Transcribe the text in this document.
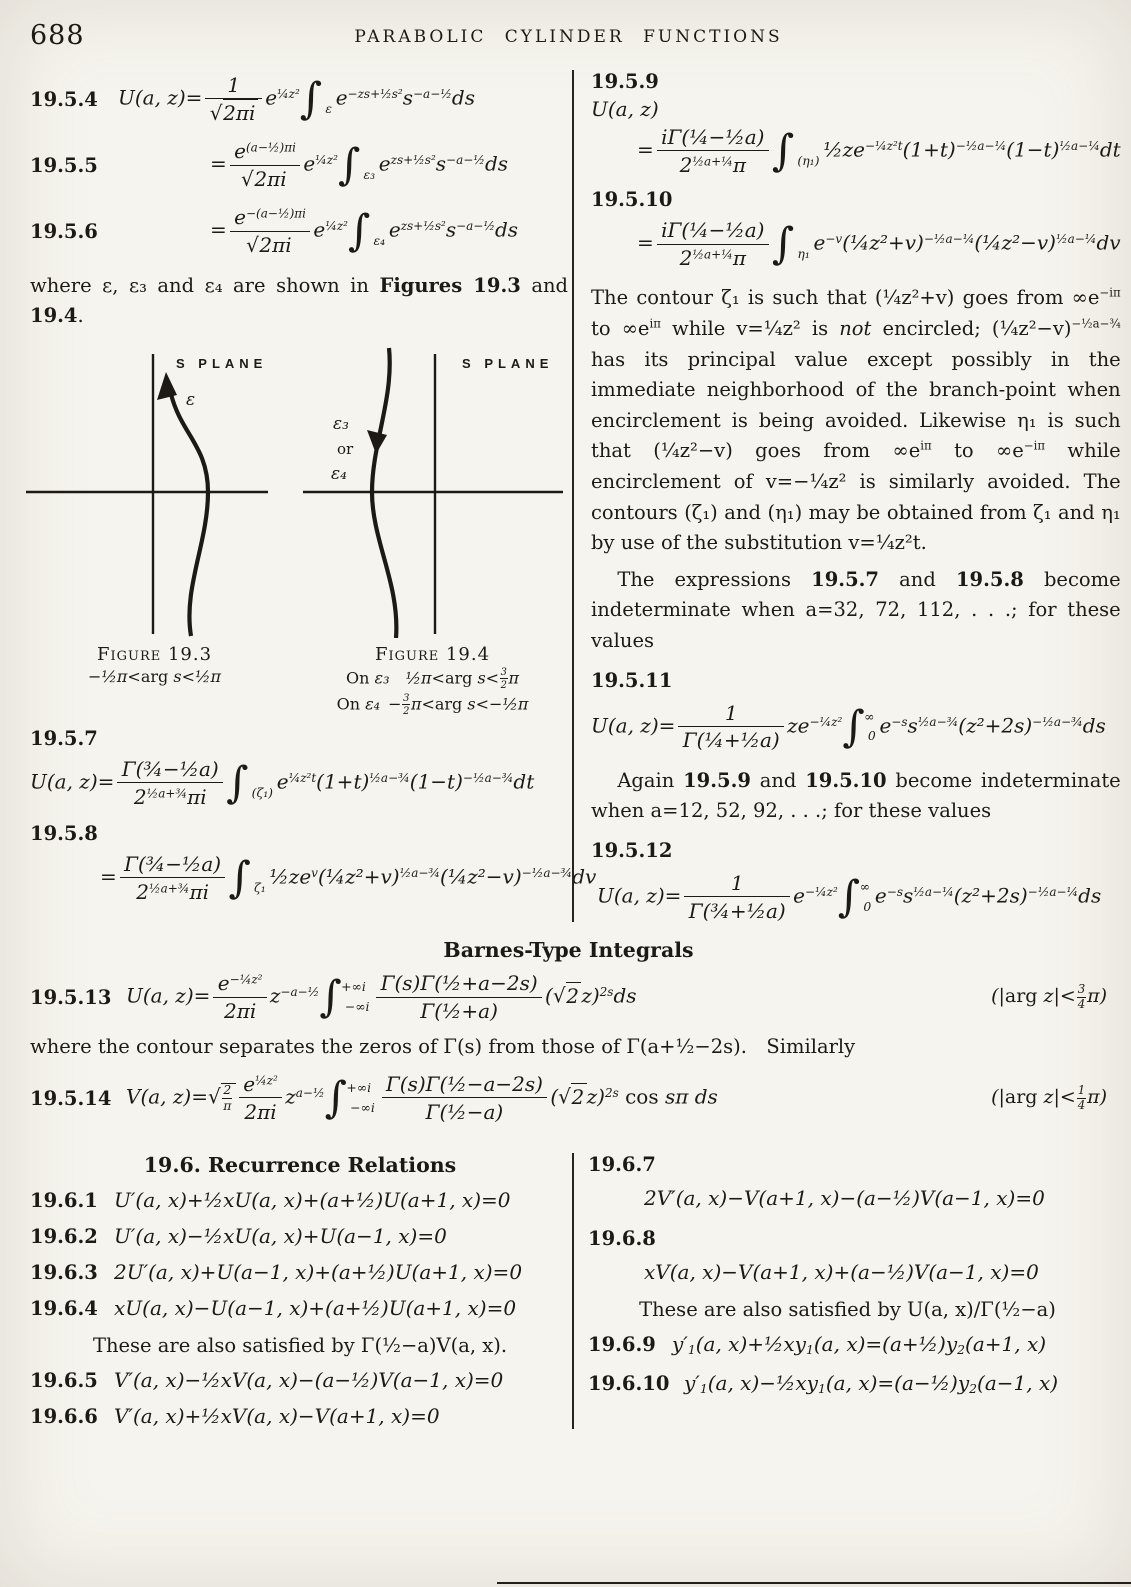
688	PARABOLIC CYLINDER FUNCTIONS
19.5.4	U(a, $z)= \frac{1}{√2\pi i} e^{\frac{1}{4}z^2}\int$ ε $e^{-zs+\frac{1}{2}s^2}s^{-a-\frac{1}{2}}ds$
19.5.5	= $\frac{e^{(a-\frac{1}{2})\pi i}}{√2\pi i} e^{\frac{1}{4}z^2}\int$ ε₃ $e^{zs+\frac{1}{2}s^2}s^{-a-\frac{1}{2}}ds$
19.5.6	= $\frac{e^{-(a-\frac{1}{2})\pi i}}{√2\pi i} e^{\frac{1}{4}z^2}\int$ ε₄ $e^{zs+\frac{1}{2}s^2}s^{-a-\frac{1}{2}}ds$
where ε, ε₃ and ε₄ are shown in Figures 19.3 and 19.4.
S PLANE
ε
Figure 19.3
−½π<arg s<½π
S PLANE
ε₃
or
ε₄
Figure 19.4
On ε₃ ½π<arg $s< \frac{3}{2}$ π
On ε₄ − $\frac{3}{2} \pi<arg$ s<−½π
19.5.7
U(a, $z)= \frac{\text{Γ(¾−½a)}}{2^{\frac{1}{2}a+\frac{3}{4}}\pi i}$ ∫ (ζ₁) $e^{\frac{1}{4}z^2t}(1+t)^{\frac{1}{2}a-\frac{3}{4}}(1-t)^{-\frac{1}{2}a-\frac{3}{4}}dt$
19.5.8
= $\frac{\text{Γ(¾−½a)}}{2^{\frac{1}{2}a+\frac{3}{4}}\pi i}$ ∫ ζ₁ $\frac{1}{2}ze^v(\frac{1}{4}z^2+v)^{\frac{1}{2}a-\frac{3}{4}}(\frac{1}{4}z^2-v)^{-\frac{1}{2}a-\frac{3}{4}}dv$
19.5.9
U(a, z)
= $\frac{\text{iΓ(¼−½a)}}{2^{\frac{1}{2}a+\frac{1}{4}}\pi}$ ∫ (η₁) $\frac{1}{2}ze^{-\frac{1}{4}z^2t}(1+t)^{-\frac{1}{2}a-\frac{1}{4}}(1-t)^{\frac{1}{2}a-\frac{1}{4}}dt$
19.5.10
= $\frac{\text{iΓ(¼−½a)}}{2^{\frac{1}{2}a+\frac{1}{4}}\pi}$ ∫ η₁ $e^{-v}(\frac{1}{4}z^2+v)^{-\frac{1}{2}a-\frac{1}{4}}(\frac{1}{4}z^2-v)^{\frac{1}{2}a-\frac{1}{4}}dv$
The contour ζ₁ is such that (¼z²+v) goes from $\infty e^{-i\pi}$ to $\infty e^{i\pi}$ while v=¼z² is not encircled; (¼z²−v)$^{-\frac{1}{2}a-\frac{3}{4}}$ has its principal value except possibly in the immediate neighborhood of the branch-point when encirclement is being avoided. Likewise η₁ is such that (¼z²−v) goes from $\infty e^{i\pi}$ to $\infty e^{-i\pi}$ while encirclement of v=−¼z² is similarly avoided. The contours (ζ₁) and (η₁) may be obtained from ζ₁ and η₁ by use of the substitution v=¼z²t.
The expressions 19.5.7 and 19.5.8 become indeterminate when a=32, 72, 112, . . .; for these values
19.5.11
U(a, $z)= \frac{1}{\text{Γ(¼+½a)}} ze^{-\frac{1}{4}z^2}\int$ ∞
0 $e^{-s}s^{\frac{1}{2}a-\frac{3}{4}}(z^2+2s)^{-\frac{1}{2}a-\frac{3}{4}}ds$
Again 19.5.9 and 19.5.10 become indeterminate when a=12, 52, 92, . . .; for these values
19.5.12
U(a, $z)= \frac{1}{\text{Γ(¾+½a)}} e^{-\frac{1}{4}z^2}\int$ ∞
0 $e^{-s}s^{\frac{1}{2}a-\frac{1}{4}}(z^2+2s)^{-\frac{1}{2}a-\frac{1}{4}}ds$
Barnes-Type Integrals
19.5.13 U(a, $z)= \frac{e^{-\frac{1}{4}z^2}}{2\pi i} z^{-a-\frac{1}{2}}\int +\infty i$
$-\infty i \frac{\text{Γ(s)Γ(½+a−2s)}}{\text{Γ(½+a)}} (√2$ z)$^{2s}$ds	(|arg $z|< \frac{3}{4} \pi$)
where the contour separates the zeros of Γ(s) from those of Γ(a+½−2s).  Similarly
19.5.14 V(a, $z)=√ \frac{2}{\pi} \frac{e^{\frac{1}{4}z^2}}{2\pi i} z^{a-\frac{1}{2}}\int +\infty i$
$-\infty i \frac{\text{Γ(s)Γ(½−a−2s)}}{\text{Γ(½−a)}} (√2$ z)$^{2s}$ cos sπ ds	(|arg $z|< \frac{1}{4} \pi$)
19.6. Recurrence Relations
19.6.1 U′(a, x)+½xU(a, x)+(a+½)U(a+1, x)=0
19.6.2 U′(a, x)−½xU(a, x)+U(a−1, x)=0
19.6.3 2U′(a, x)+U(a−1, x)+(a+½)U(a+1, x)=0
19.6.4 xU(a, x)−U(a−1, x)+(a+½)U(a+1, x)=0
These are also satisfied by Γ(½−a)V(a, x).
19.6.5 V′(a, x)−½xV(a, x)−(a−½)V(a−1, x)=0
19.6.6 V′(a, x)+½xV(a, x)−V(a+1, x)=0
19.6.7
2V′(a, x)−V(a+1, x)−(a−½)V(a−1, x)=0
19.6.8
xV(a, x)−V(a+1, x)+(a−½)V(a−1, x)=0
These are also satisfied by U(a, x)/Γ(½−a)
19.6.9 $y'_1(a$, $x)+\frac{1}{2}xy_1(a$, $x)=(a+\frac{1}{2})y_2(a+1$, x)
19.6.10 $y'_1(a$, $x)-\frac{1}{2}xy_1(a$, $x)=(a-\frac{1}{2})y_2(a-1$, x)
